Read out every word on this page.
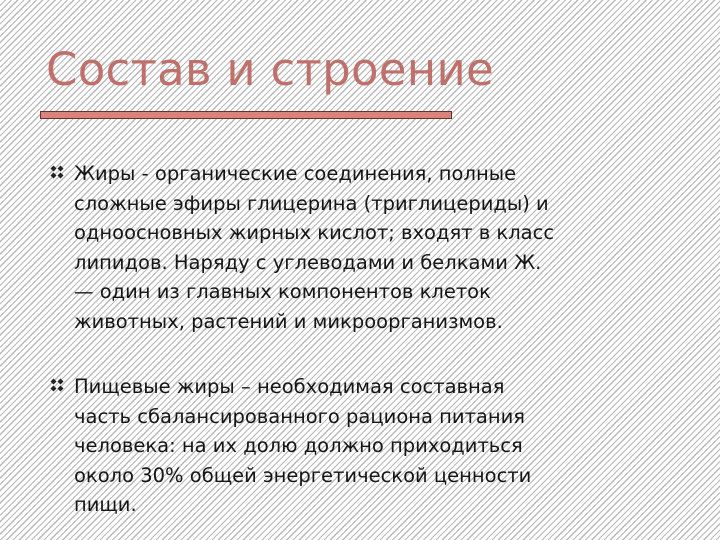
Состав и строение
Жиры - органические соединения, полные
сложные эфиры глицерина (триглицериды) и
одноосновных жирных кислот; входят в класс
липидов. Наряду с углеводами и белками Ж.
— один из главных компонентов клеток
животных, растений и микроорганизмов.
Пищевые жиры – необходимая составная
часть сбалансированного рациона питания
человека: на их долю должно приходиться
около 30% общей энергетической ценности
пищи.
